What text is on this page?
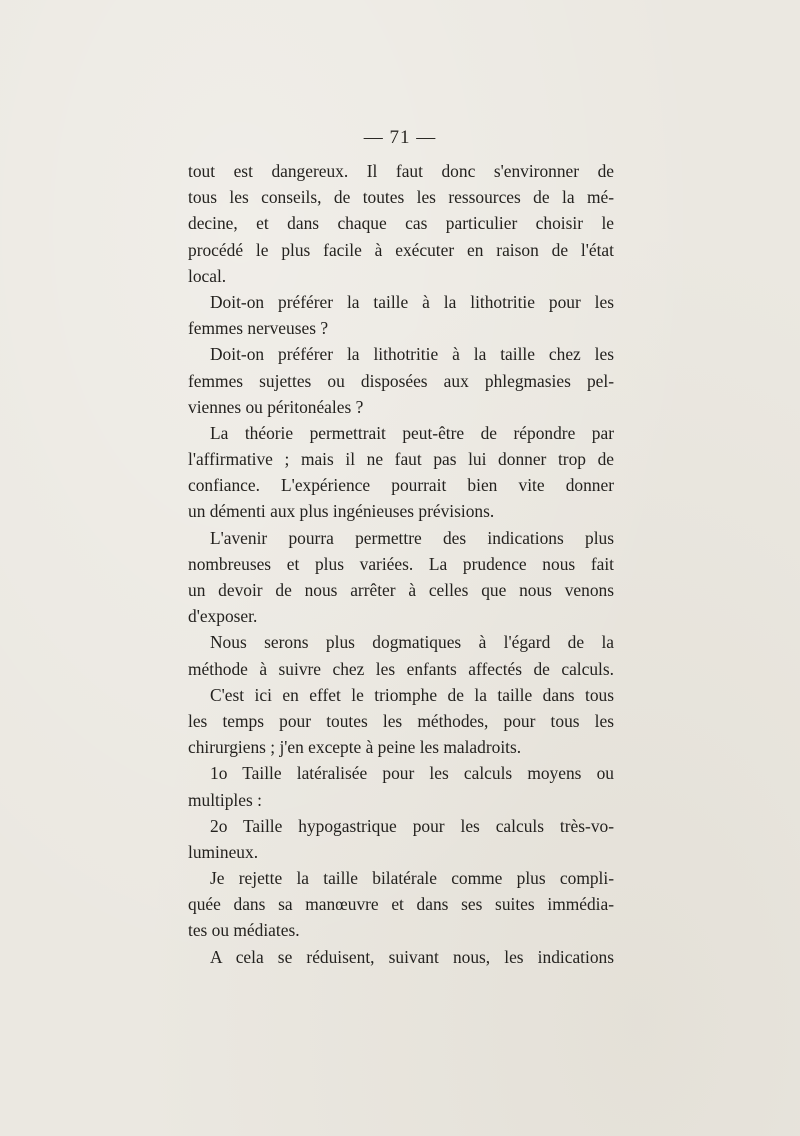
— 71 —
tout est dangereux. Il faut donc s'environner de
tous les conseils, de toutes les ressources de la mé-
decine, et dans chaque cas particulier choisir le
procédé le plus facile à exécuter en raison de l'état
local.
Doit-on préférer la taille à la lithotritie pour les
femmes nerveuses ?
Doit-on préférer la lithotritie à la taille chez les
femmes sujettes ou disposées aux phlegmasies pel-
viennes ou péritonéales ?
La théorie permettrait peut-être de répondre par
l'affirmative ; mais il ne faut pas lui donner trop de
confiance. L'expérience pourrait bien vite donner
un démenti aux plus ingénieuses prévisions.
L'avenir pourra permettre des indications plus
nombreuses et plus variées. La prudence nous fait
un devoir de nous arrêter à celles que nous venons
d'exposer.
Nous serons plus dogmatiques à l'égard de la
méthode à suivre chez les enfants affectés de calculs.
C'est ici en effet le triomphe de la taille dans tous
les temps pour toutes les méthodes, pour tous les
chirurgiens ; j'en excepte à peine les maladroits.
1o Taille latéralisée pour les calculs moyens ou
multiples :
2o Taille hypogastrique pour les calculs très-vo-
lumineux.
Je rejette la taille bilatérale comme plus compli-
quée dans sa manœuvre et dans ses suites immédia-
tes ou médiates.
A cela se réduisent, suivant nous, les indications
